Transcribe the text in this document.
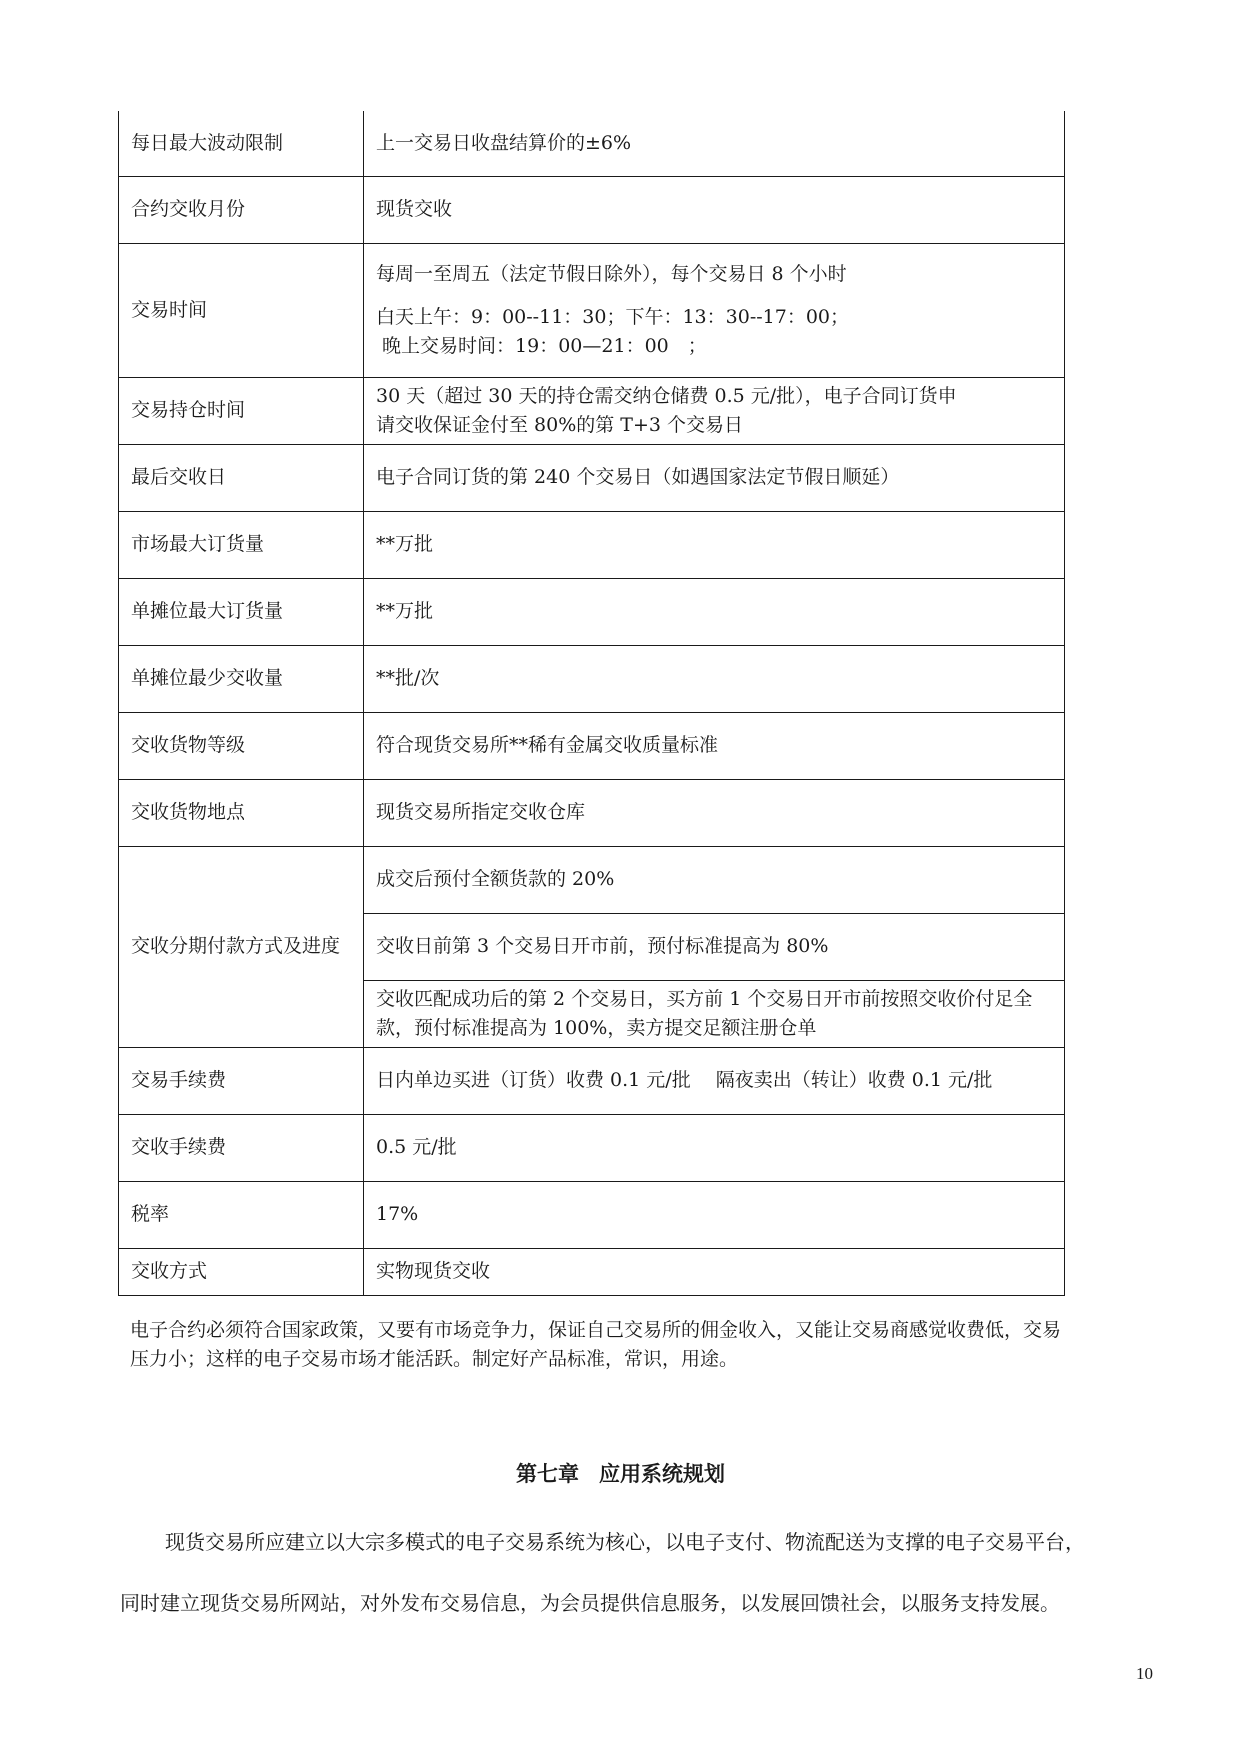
每日最大波动限制	上一交易日收盘结算价的±6%
合约交收月份	现货交收
交易时间	每周一至周五（法定节假日除外），每个交易日 8 个小时
白天上午：9：00--11：30；下午：13：30--17：00；
晚上交易时间：19：00—21：00　；

交易持仓时间	30 天（超过 30 天的持仓需交纳仓储费 0.5 元/批），电子合同订货申
请交收保证金付至 80%的第 T+3 个交易日

最后交收日	电子合同订货的第 240 个交易日（如遇国家法定节假日顺延）
市场最大订货量	**万批
单摊位最大订货量	**万批
单摊位最少交收量	**批/次
交收货物等级	符合现货交易所**稀有金属交收质量标准
交收货物地点	现货交易所指定交收仓库
交收分期付款方式及进度	成交后预付全额货款的 20%
	交收日前第 3 个交易日开市前，预付标准提高为 80%
	交收匹配成功后的第 2 个交易日，买方前 1 个交易日开市前按照交收价付足全款，预付标准提高为 100%，卖方提交足额注册仓单
交易手续费	日内单边买进（订货）收费 0.1 元/批　 隔夜卖出（转让）收费 0.1 元/批
交收手续费	0.5 元/批
税率	17%
交收方式	实物现货交收
电子合约必须符合国家政策，又要有市场竞争力，保证自己交易所的佣金收入，又能让交易商感觉收费低，交易压力小；这样的电子交易市场才能活跃。制定好产品标准，常识，用途。
第七章 应用系统规划
现货交易所应建立以大宗多模式的电子交易系统为核心，以电子支付、物流配送为支撑的电子交易平台，
同时建立现货交易所网站，对外发布交易信息，为会员提供信息服务，以发展回馈社会，以服务支持发展。
10
